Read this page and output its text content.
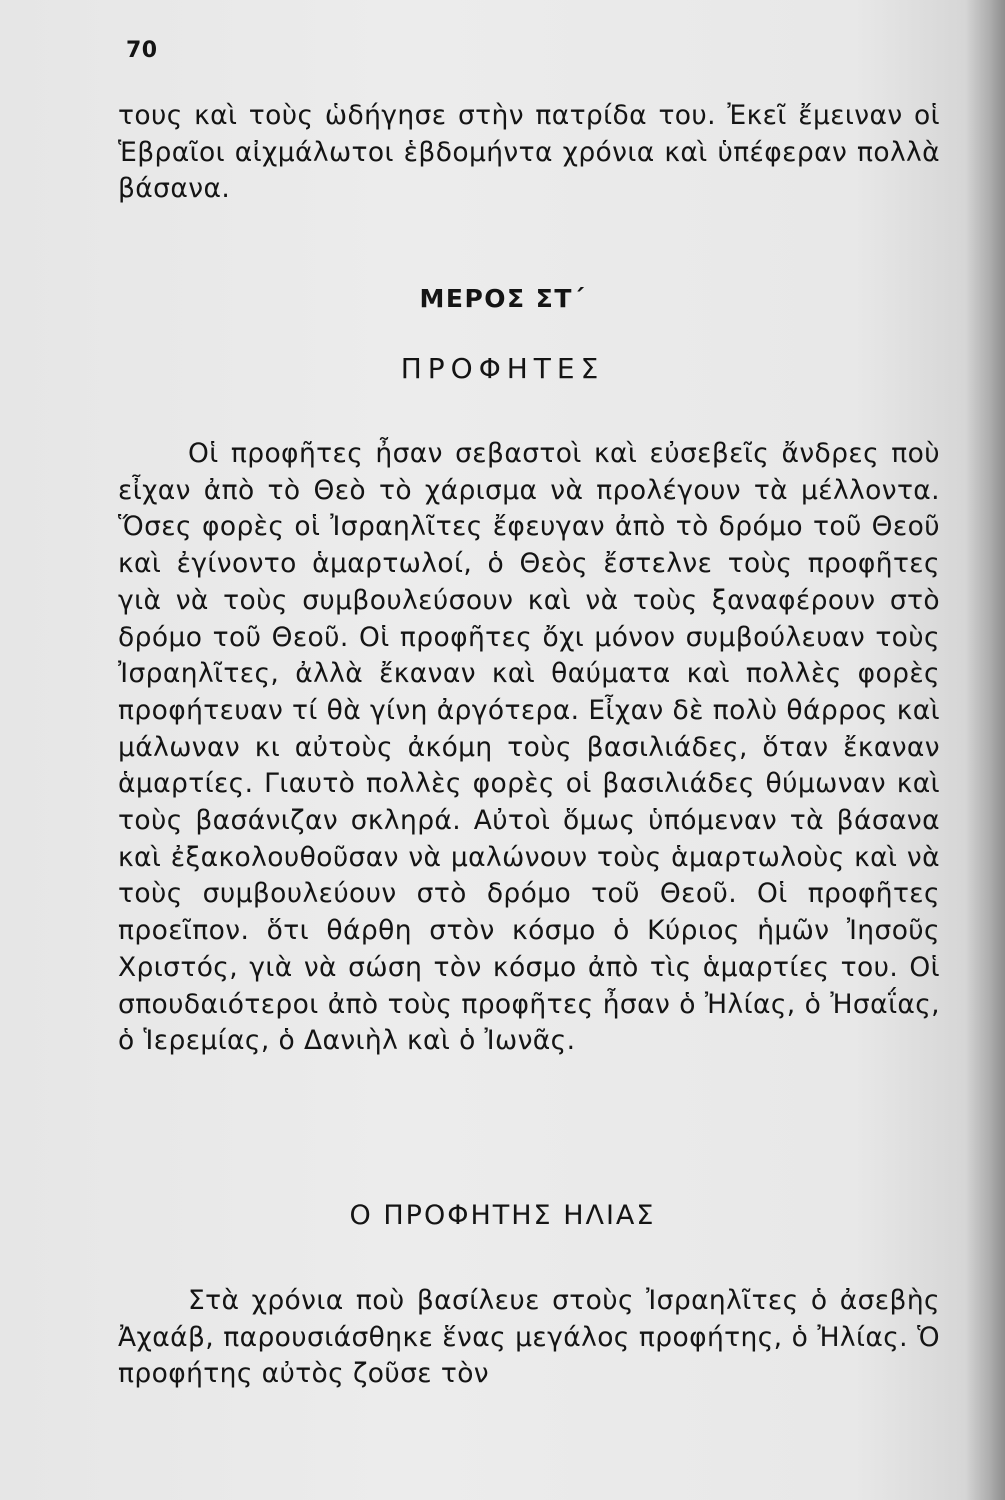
70
τους καὶ τοὺς ὡδήγησε στὴν πατρίδα του. Ἐκεῖ ἔμειναν οἱ Ἑβραῖοι αἰχμάλωτοι ἑβδομήντα χρόνια καὶ ὑπέφεραν πολλὰ βάσανα.
ΜΕΡΟΣ ΣΤ΄
ΠΡΟΦΗΤΕΣ
Οἱ προφῆτες ἦσαν σεβαστοὶ καὶ εὐσεβεῖς ἄνδρες ποὺ εἶχαν ἀπὸ τὸ Θεὸ τὸ χάρισμα νὰ προλέγουν τὰ μέλλοντα. Ὅσες φορὲς οἱ Ἰσραηλῖτες ἔφευγαν ἀπὸ τὸ δρόμο τοῦ Θεοῦ καὶ ἐγίνοντο ἁμαρτωλοί, ὁ Θεὸς ἔστελνε τοὺς προφῆτες γιὰ νὰ τοὺς συμβουλεύσουν καὶ νὰ τοὺς ξαναφέρουν στὸ δρόμο τοῦ Θεοῦ. Οἱ προφῆτες ὄχι μόνον συμβούλευαν τοὺς Ἰσραηλῖτες, ἀλλὰ ἔκαναν καὶ θαύματα καὶ πολλὲς φορὲς προφήτευαν τί θὰ γίνη ἀργότερα. Εἶχαν δὲ πολὺ θάρρος καὶ μάλωναν κι αὐτοὺς ἀκόμη τοὺς βασιλιάδες, ὅταν ἔκαναν ἁμαρτίες. Γιαυτὸ πολλὲς φορὲς οἱ βασιλιάδες θύμωναν καὶ τοὺς βασάνιζαν σκληρά. Αὐτοὶ ὅμως ὑπόμεναν τὰ βάσανα καὶ ἐξακολουθοῦσαν νὰ μαλώνουν τοὺς ἁμαρτωλοὺς καὶ νὰ τοὺς συμβουλεύουν στὸ δρόμο τοῦ Θεοῦ. Οἱ προφῆτες προεῖπον. ὅτι θάρθη στὸν κόσμο ὁ Κύριος ἡμῶν Ἰησοῦς Χριστός, γιὰ νὰ σώση τὸν κόσμο ἀπὸ τὶς ἁμαρτίες του. Οἱ σπουδαιότεροι ἀπὸ τοὺς προφῆτες ἦσαν ὁ Ἠλίας, ὁ Ἠσαΐας, ὁ Ἱερεμίας, ὁ Δανιὴλ καὶ ὁ Ἰωνᾶς.
Ο ΠΡΟΦΗΤΗΣ ΗΛΙΑΣ
Στὰ χρόνια ποὺ βασίλευε στοὺς Ἰσραηλῖτες ὁ ἀσεβὴς Ἀχαάβ, παρουσιάσθηκε ἕνας μεγάλος προφήτης, ὁ Ἠλίας. Ὁ προφήτης αὐτὸς ζοῦσε τὸν
